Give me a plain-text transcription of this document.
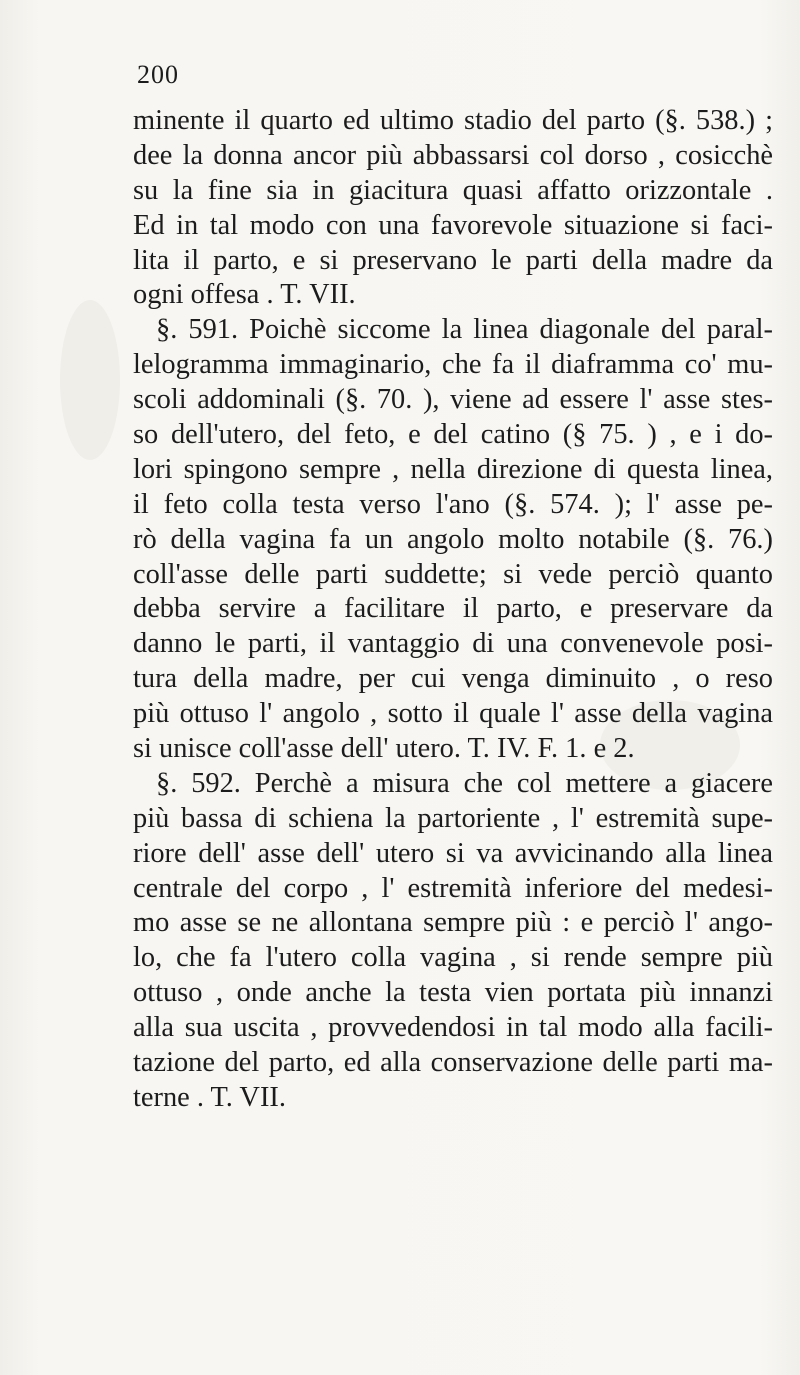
200
minente il quarto ed ultimo stadio del parto (§. 538.) ;
dee la donna ancor più abbassarsi col dorso , cosicchè
su la fine sia in giacitura quasi affatto orizzontale .
Ed in tal modo con una favorevole situazione si faci-
lita il parto, e si preservano le parti della madre da
ogni offesa . T. VII.
§. 591. Poichè siccome la linea diagonale del paral-
lelogramma immaginario, che fa il diaframma co' mu-
scoli addominali (§. 70. ), viene ad essere l' asse stes-
so dell'utero, del feto, e del catino (§ 75. ) , e i do-
lori spingono sempre , nella direzione di questa linea,
il feto colla testa verso l'ano (§. 574. ); l' asse pe-
rò della vagina fa un angolo molto notabile (§. 76.)
coll'asse delle parti suddette; si vede perciò quanto
debba servire a facilitare il parto, e preservare da
danno le parti, il vantaggio di una convenevole posi-
tura della madre, per cui venga diminuito , o reso
più ottuso l' angolo , sotto il quale l' asse della vagina
si unisce coll'asse dell' utero. T. IV. F. 1. e 2.
§. 592. Perchè a misura che col mettere a giacere
più bassa di schiena la partoriente , l' estremità supe-
riore dell' asse dell' utero si va avvicinando alla linea
centrale del corpo , l' estremità inferiore del medesi-
mo asse se ne allontana sempre più : e perciò l' ango-
lo, che fa l'utero colla vagina , si rende sempre più
ottuso , onde anche la testa vien portata più innanzi
alla sua uscita , provvedendosi in tal modo alla facili-
tazione del parto, ed alla conservazione delle parti ma-
terne . T. VII.
